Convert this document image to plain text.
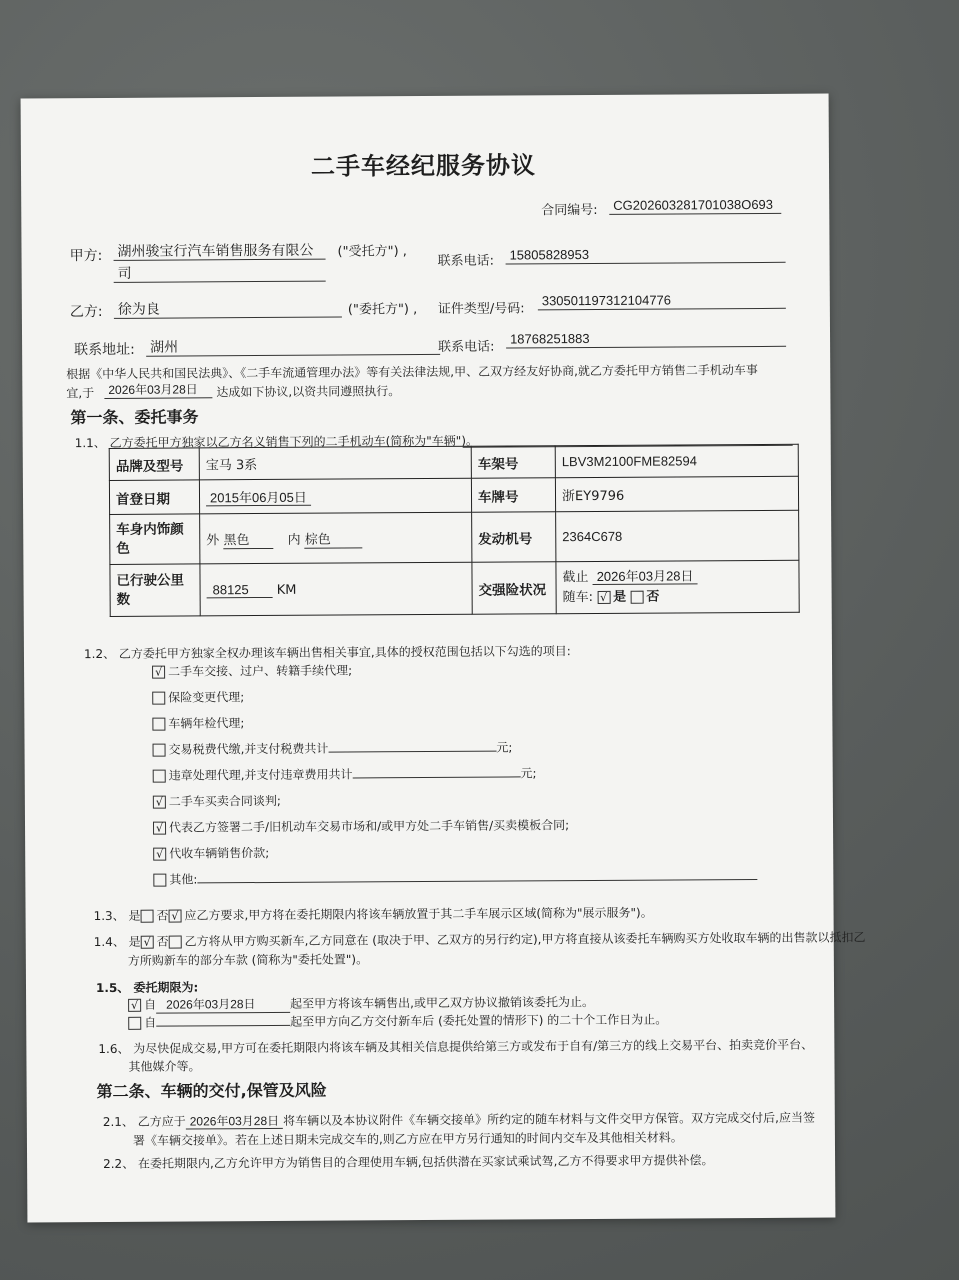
二手车经纪服务协议
合同编号:	CG202603281701038O693
甲方: 湖州骏宝行汽车销售服务有限公
司
("受托方") ,
联系电话:	15805828953
乙方: 徐为良	("委托方") , 证件类型/号码:
330501197312104776
联系地址: 湖州	联系电话:
18768251883
根据《中华人民共和国民法典》、《二手车流通管理办法》等有关法律法规,甲、乙双方经友好协商,就乙方委托甲方销售二手机动车事
宜,于	2026年03月28日	达成如下协议,以资共同遵照执行。
第一条、委托事务
1.1、 乙方委托甲方独家以乙方名义销售下列的二手机动车(简称为"车辆")。
品牌及型号	宝马 3系	车架号	LBV3M2100FME82594
首登日期	2015年06月05日	车牌号	浙EY9796
车身内饰颜色	外 黑色 内 棕色	发动机号	2364C678
已行驶公里数	88125 KM	交强险状况	截止 2026年03月28日
随车: √ 是 否
1.2、 乙方委托甲方独家全权办理该车辆出售相关事宜,具体的授权范围包括以下勾选的项目:
√ 二手车交接、过户、转籍手续代理;
保险变更代理;
车辆年检代理;
交易税费代缴,并支付税费共计	元;
违章处理代理,并支付违章费用共计	元;
√ 二手车买卖合同谈判;
√ 代表乙方签署二手/旧机动车交易市场和/或甲方处二手车销售/买卖模板合同;
√ 代收车辆销售价款;
其他:
1.3、 是 否 √ 应乙方要求,甲方将在委托期限内将该车辆放置于其二手车展示区域(简称为"展示服务")。
1.4、 是 √ 否 乙方将从甲方购买新车,乙方同意在 (取决于甲、乙双方的另行约定),甲方将直接从该委托车辆购买方处收取车辆的出售款以抵扣乙
方所购新车的部分车款 (简称为"委托处置")。
1.5、 委托期限为:
√ 自 2026年03月28日	起至甲方将该车辆售出,或甲乙双方协议撤销该委托为止。
自	起至甲方向乙方交付新车后 (委托处置的情形下) 的二十个工作日为止。
1.6、 为尽快促成交易,甲方可在委托期限内将该车辆及其相关信息提供给第三方或发布于自有/第三方的线上交易平台、拍卖竞价平台、
其他媒介等。
第二条、车辆的交付,保管及风险
2.1、 乙方应于 2026年03月28日 将车辆以及本协议附件《车辆交接单》所约定的随车材料与文件交甲方保管。双方完成交付后,应当签
署《车辆交接单》。若在上述日期未完成交车的,则乙方应在甲方另行通知的时间内交车及其他相关材料。
2.2、 在委托期限内,乙方允许甲方为销售目的合理使用车辆,包括供潜在买家试乘试驾,乙方不得要求甲方提供补偿。
